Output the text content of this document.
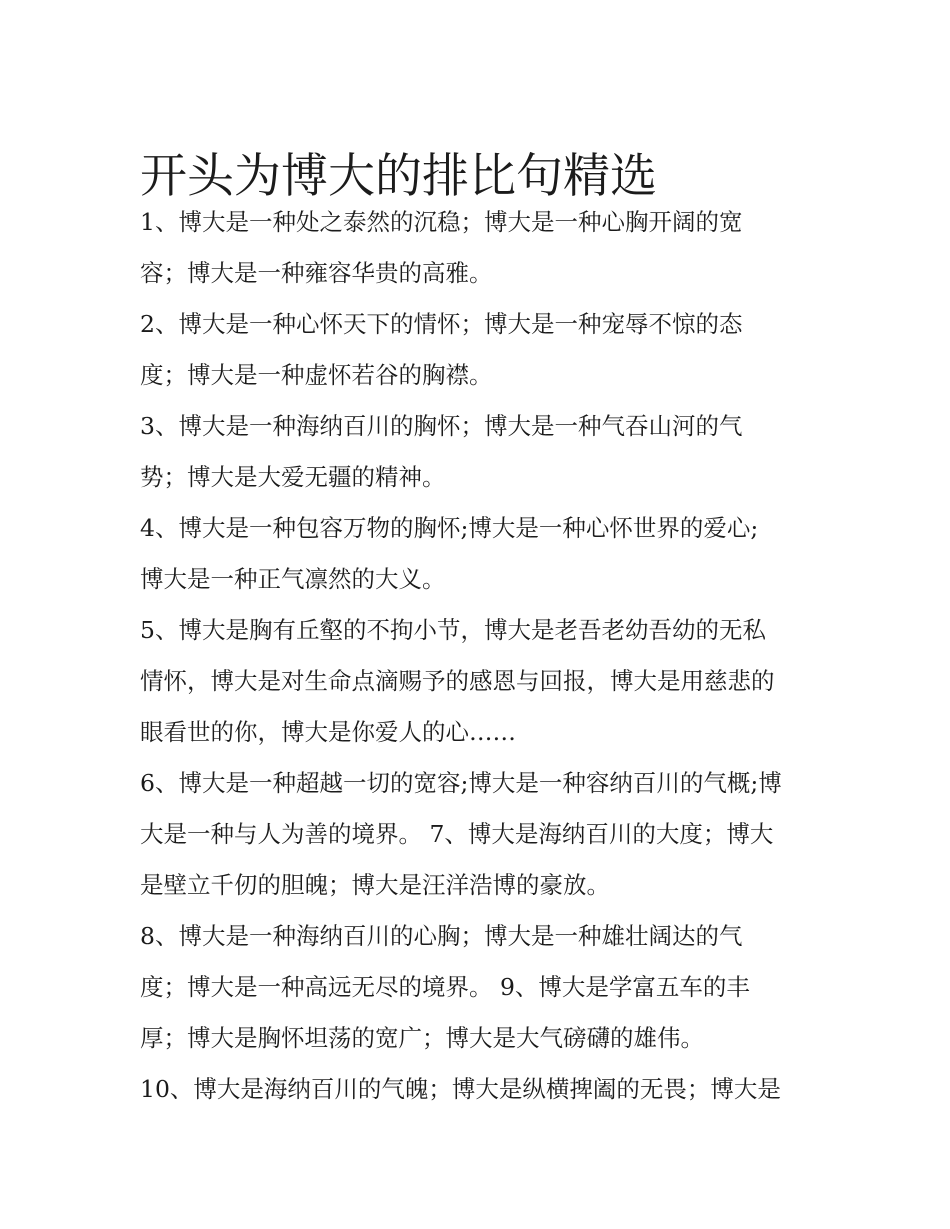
开头为博大的排比句精选
1、博大是一种处之泰然的沉稳；博大是一种心胸开阔的宽
容；博大是一种雍容华贵的高雅。
2、博大是一种心怀天下的情怀；博大是一种宠辱不惊的态
度；博大是一种虚怀若谷的胸襟。
3、博大是一种海纳百川的胸怀；博大是一种气吞山河的气
势；博大是大爱无疆的精神。
4、博大是一种包容万物的胸怀;博大是一种心怀世界的爱心;
博大是一种正气凛然的大义。
5、博大是胸有丘壑的不拘小节，博大是老吾老幼吾幼的无私
情怀，博大是对生命点滴赐予的感恩与回报，博大是用慈悲的
眼看世的你，博大是你爱人的心……
6、博大是一种超越一切的宽容;博大是一种容纳百川的气概;博
大是一种与人为善的境界。 7、博大是海纳百川的大度；博大
是壁立千仞的胆魄；博大是汪洋浩博的豪放。
8、博大是一种海纳百川的心胸；博大是一种雄壮阔达的气
度；博大是一种高远无尽的境界。 9、博大是学富五车的丰
厚；博大是胸怀坦荡的宽广；博大是大气磅礴的雄伟。
10、博大是海纳百川的气魄；博大是纵横捭阖的无畏；博大是
